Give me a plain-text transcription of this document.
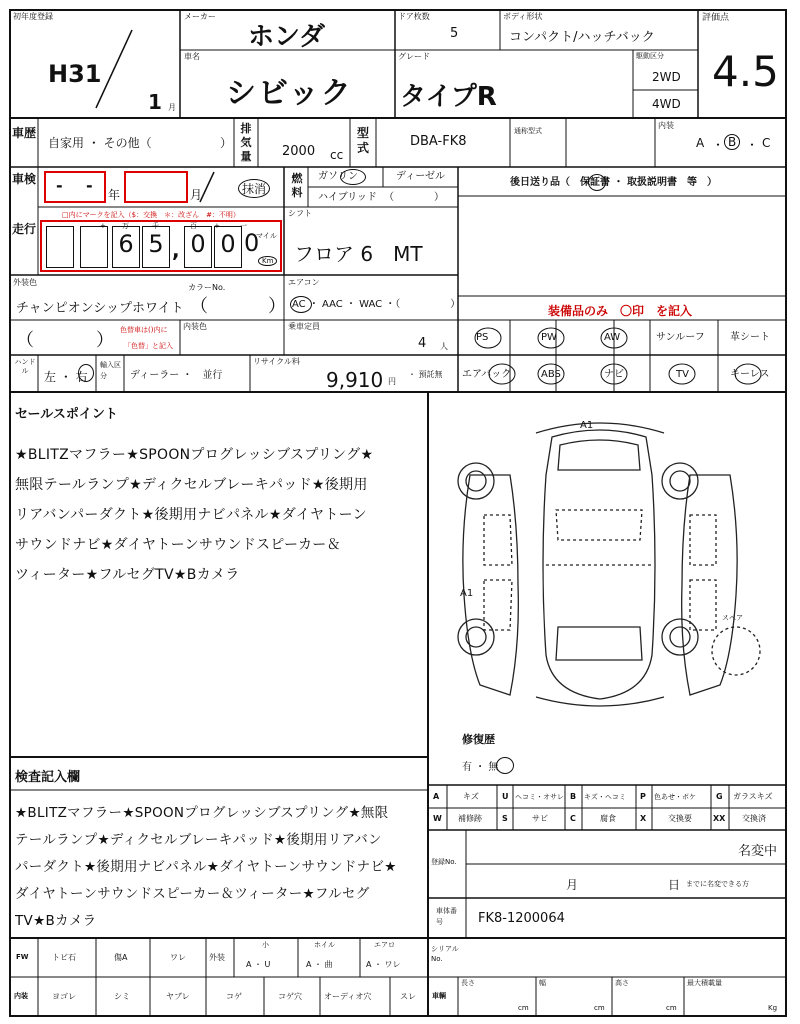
初年度登録
H31
1 月
メーカー
ホンダ
ドア枚数
5
ボディ形状
コンパクト/ハッチバック
評価点
4.5
車名
シビック
グレード
タイプR
駆動区分
2WD
4WD
車歴
自家用 ・ その他（	）
排気量	2000 cc
型式	DBA-FK8
通称型式
内装
A ・ B ・ C
車検 - - 年	月	抹消
燃料
ガソリン	ディーゼル
ハイブリッド （　　　　）
後日送り品（　保証書 ・ 取扱説明書　等　）
走行
□内にマークを記入（$：交換　＊：改ざん　#：不明）
6 5 , 0 0
+ 万	千	百 +	一
マイル
Km
シフト
フロア 6　MT
外装色
カラーNo.
チャンピオンシップホワイト （	）
エアコン
AC ・ AAC ・ WAC ・（　　　　　）	装備品のみ　〇印　を記入
（	） 色替車は()内に
「色替」と記入
内装色	乗車定員
4 人
PS	PW	AW	サンルーフ	革シート
エアバック	ABS	ナビ	TV	キーレス
ハンドル	左 ・ 右
輸入区分	ディーラー ・　並行
リサイクル料
9,910 円
・ 預託無
セールスポイント
★BLITZマフラー★SPOONプログレッシブスプリング★
無限テールランプ★ディクセルブレーキパッド★後期用
リアバンパーダクト★後期用ナビパネル★ダイヤトーン
サウンドナビ★ダイヤトーンサウンドスピーカー＆
ツィーター★フルセグTV★Bカメラ
A1
A1
スペア
修復歴
有 ・ 無
A	キズ	U ヘコミ・オサレ B キズ・ヘコミ P 色あせ・ボケ	G ガラスキズ
W 補修跡	S	サビ	C	腐食	X	交換要	XX 交換済
検査記入欄
★BLITZマフラー★SPOONプログレッシブスプリング★無限
テールランプ★ディクセルブレーキパッド★後期用リアバン
パーダクト★後期用ナビパネル★ダイヤトーンサウンドナビ★
ダイヤトーンサウンドスピーカー＆ツィーター★フルセグ
TV★Bカメラ
登録No.
名変中
月	日 までに名変できる方
車体番号	FK8-1200064
FW	トビ石	傷A	ワレ	外装
小	ホイル	エアロ
A ・ U	A ・ 曲	A ・ ワレ
内装	ヨゴレ	シミ	ヤブレ	コゲ	コゲ穴	オーディオ穴	スレ
シリアルNo.
車輌
長さ	幅	高さ	最大積載量
cm	cm	cm	Kg
